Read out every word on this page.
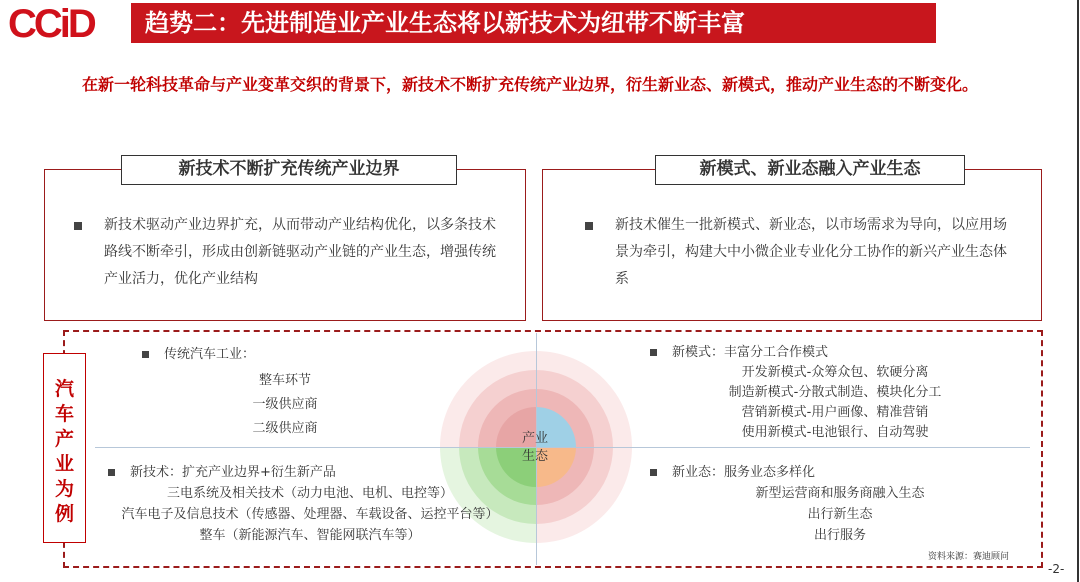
CCiD	趋势二：先进制造业产业生态将以新技术为纽带不断丰富
在新一轮科技革命与产业变革交织的背景下，新技术不断扩充传统产业边界，衍生新业态、新模式，推动产业生态的不断变化。
新技术不断扩充传统产业边界
新技术驱动产业边界扩充，从而带动产业结构优化，以多条技术路线不断牵引，形成由创新链驱动产业链的产业生态，增强传统产业活力，优化产业结构
新模式、新业态融入产业生态
新技术催生一批新模式、新业态，以市场需求为导向，以应用场景为牵引，构建大中小微企业专业化分工协作的新兴产业生态体系
产业
生态
汽
车
产
业
为
例
传统汽车工业：
整车环节
一级供应商
二级供应商
新模式：丰富分工合作模式
开发新模式-众筹众包、软硬分离
制造新模式-分散式制造、模块化分工
营销新模式-用户画像、精准营销
使用新模式-电池银行、自动驾驶
新技术：扩充产业边界+衍生新产品
三电系统及相关技术（动力电池、电机、电控等）
汽车电子及信息技术（传感器、处理器、车载设备、运控平台等）
整车（新能源汽车、智能网联汽车等）
新业态：服务业态多样化
新型运营商和服务商融入生态
出行新生态
出行服务
资料来源：赛迪顾问
-2-
